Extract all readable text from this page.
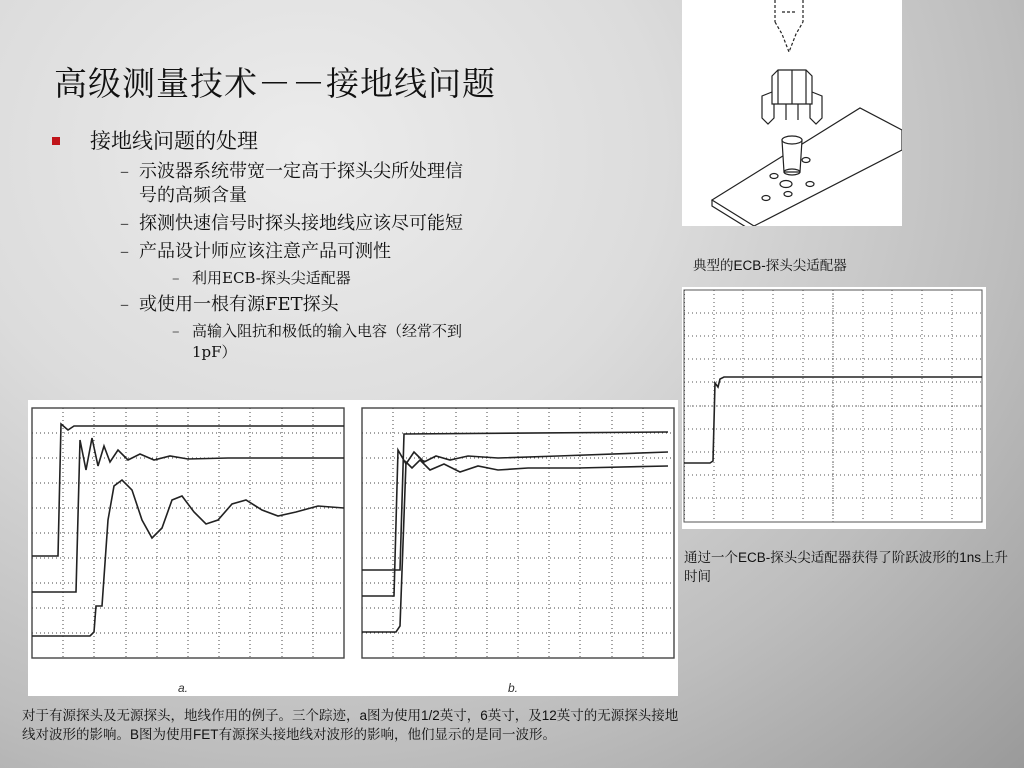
高级测量技术－－接地线问题
接地线问题的处理
– 示波器系统带宽一定高于探头尖所处理信号的高频含量
– 探测快速信号时探头接地线应该尽可能短
– 产品设计师应该注意产品可测性
– 利用ECB-探头尖适配器
– 或使用一根有源FET探头
– 高输入阻抗和极低的输入电容（经常不到1pF）
典型的ECB-探头尖适配器
通过一个ECB-探头尖适配器获得了阶跃波形的1ns上升时间
a.	b.
对于有源探头及无源探头，地线作用的例子。三个踪迹，a图为使用1/2英寸，6英寸，及12英寸的无源探头接地线对波形的影响。B图为使用FET有源探头接地线对波形的影响，他们显示的是同一波形。
